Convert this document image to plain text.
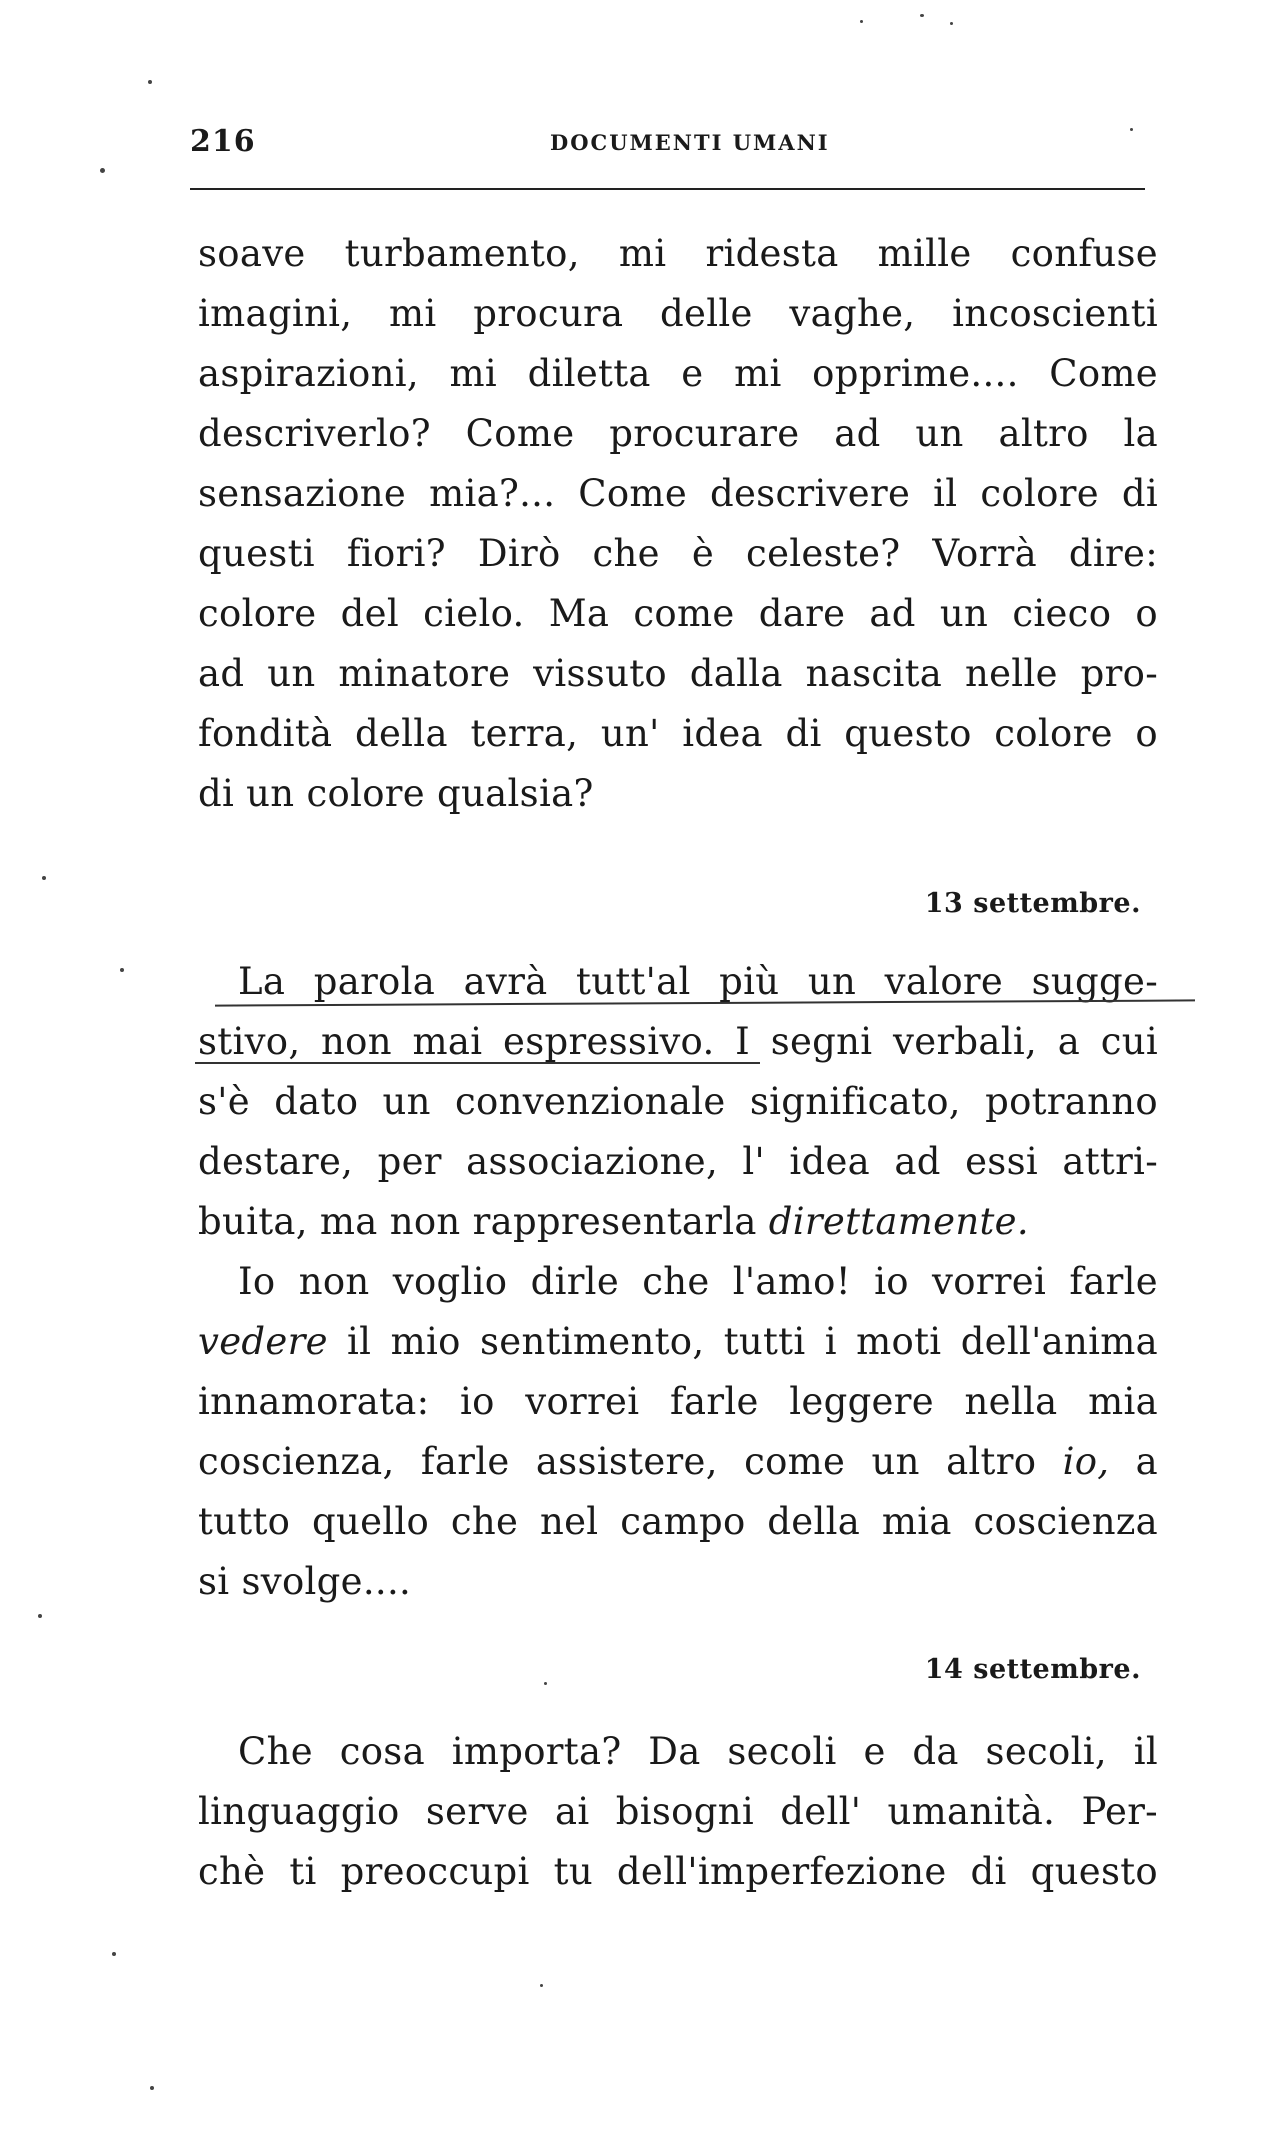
216	DOCUMENTI UMANI
soave turbamento, mi ridesta mille confuse
imagini, mi procura delle vaghe, incoscienti
aspirazioni, mi diletta e mi opprime.... Come
descriverlo? Come procurare ad un altro la
sensazione mia?... Come descrivere il colore di
questi fiori? Dirò che è celeste? Vorrà dire:
colore del cielo. Ma come dare ad un cieco o
ad un minatore vissuto dalla nascita nelle pro-
fondità della terra, un' idea di questo colore o
di un colore qualsia?
13 settembre.
La parola avrà tutt'al più un valore sugge-
stivo, non mai espressivo. I segni verbali, a cui
s'è dato un convenzionale significato, potranno
destare, per associazione, l' idea ad essi attri-
buita, ma non rappresentarla direttamente.
Io non voglio dirle che l'amo! io vorrei farle
vedere il mio sentimento, tutti i moti dell'anima
innamorata: io vorrei farle leggere nella mia
coscienza, farle assistere, come un altro io, a
tutto quello che nel campo della mia coscienza
si svolge....
14 settembre.
Che cosa importa? Da secoli e da secoli, il
linguaggio serve ai bisogni dell' umanità. Per-
chè ti preoccupi tu dell'imperfezione di questo
